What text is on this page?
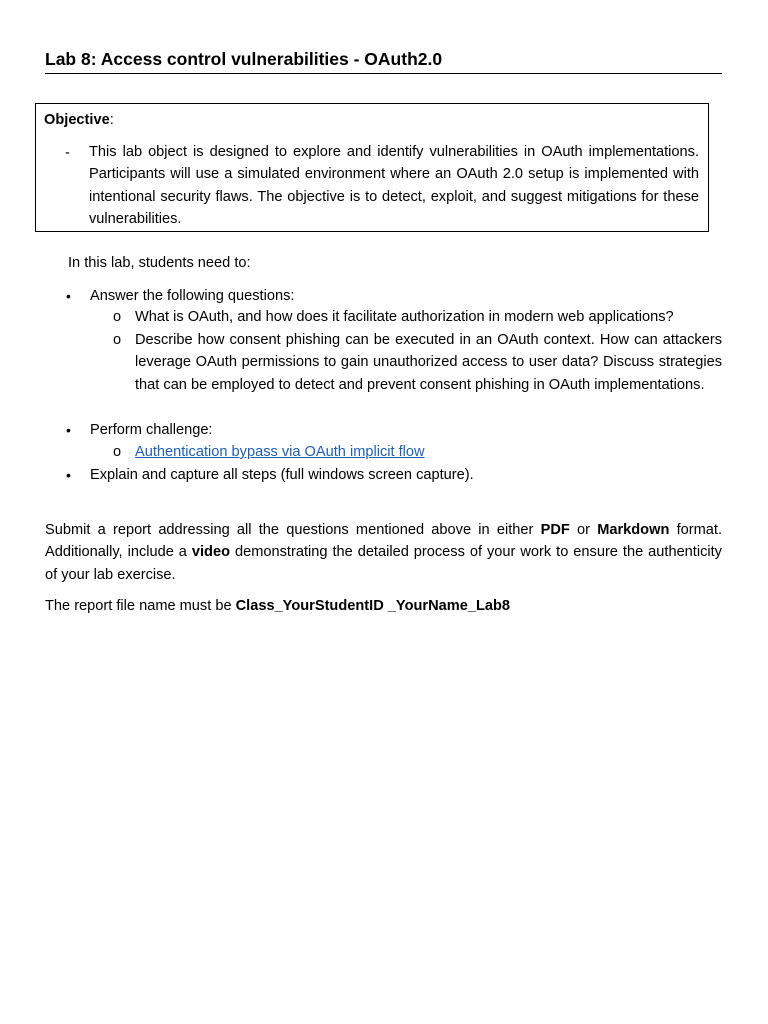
Lab 8: Access control vulnerabilities - OAuth2.0
Objective:
- This lab object is designed to explore and identify vulnerabilities in OAuth implementations. Participants will use a simulated environment where an OAuth 2.0 setup is implemented with intentional security flaws. The objective is to detect, exploit, and suggest mitigations for these vulnerabilities.
In this lab, students need to:
• Answer the following questions:
o What is OAuth, and how does it facilitate authorization in modern web applications?
o Describe how consent phishing can be executed in an OAuth context. How can attackers leverage OAuth permissions to gain unauthorized access to user data? Discuss strategies that can be employed to detect and prevent consent phishing in OAuth implementations.
• Perform challenge:
o Authentication bypass via OAuth implicit flow
• Explain and capture all steps (full windows screen capture).
Submit a report addressing all the questions mentioned above in either PDF or Markdown format. Additionally, include a video demonstrating the detailed process of your work to ensure the authenticity of your lab exercise.
The report file name must be Class_YourStudentID _YourName_Lab8
